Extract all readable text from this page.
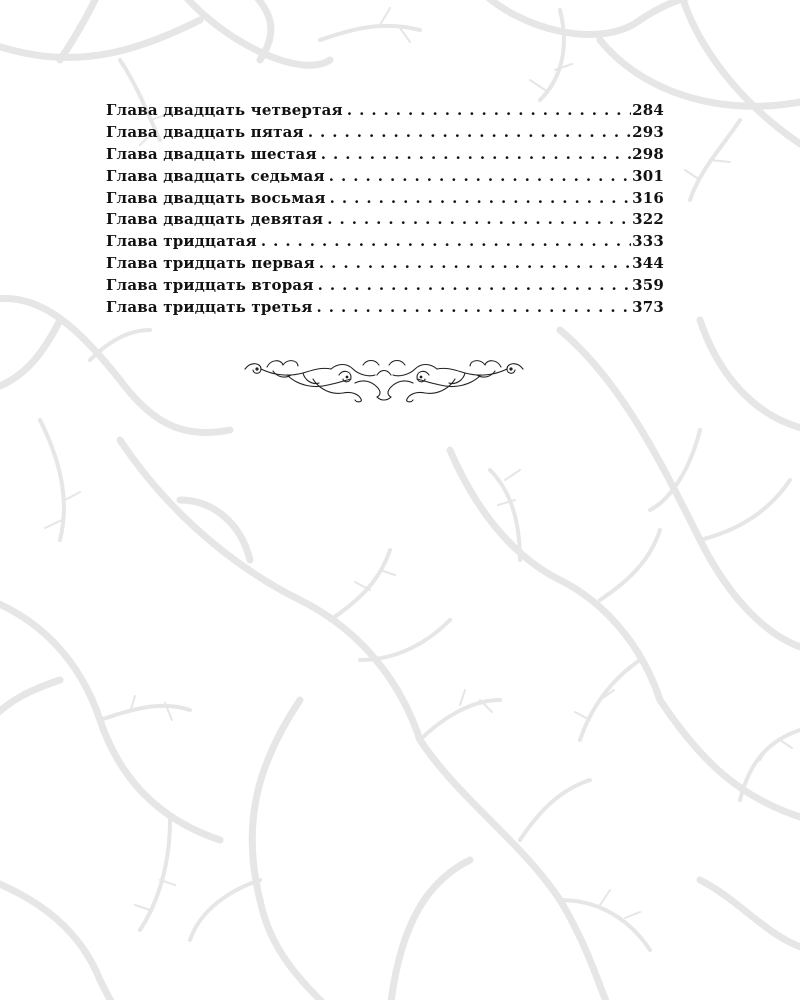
Глава двадцать четвертая . . .	284
Глава двадцать пятая . . .	293
Глава двадцать шестая . . .	298
Глава двадцать седьмая . . .	301
Глава двадцать восьмая . . .	316
Глава двадцать девятая . . .	322
Глава тридцатая . . .	333
Глава тридцать первая . . .	344
Глава тридцать вторая . . .	359
Глава тридцать третья . . .	373
